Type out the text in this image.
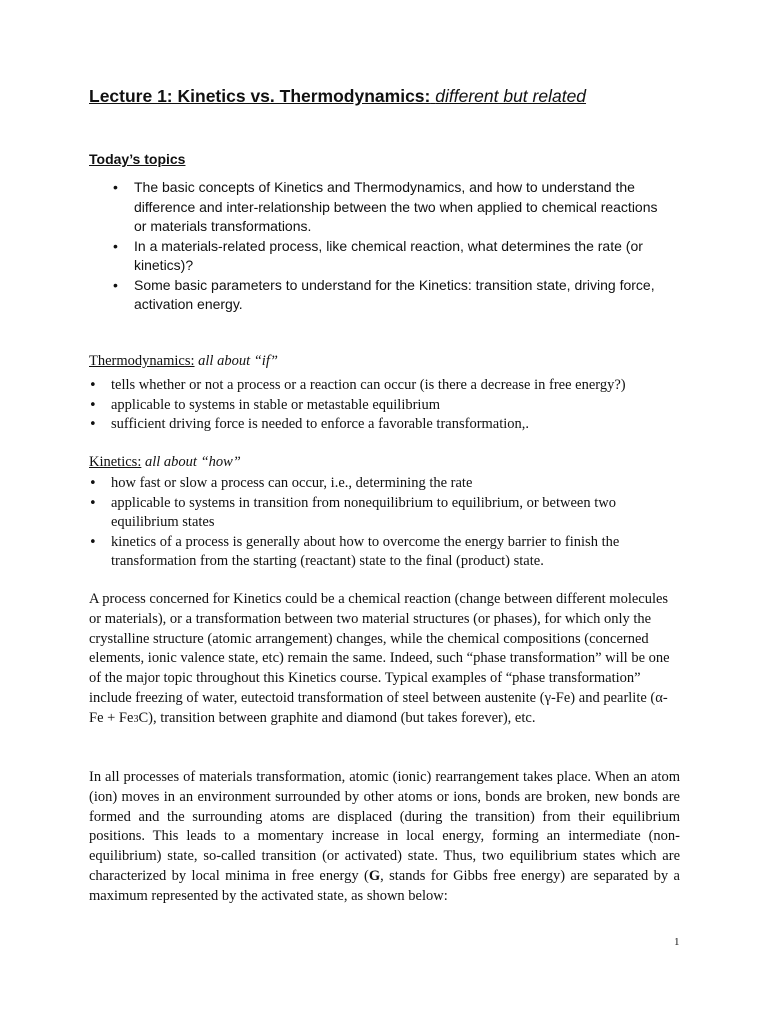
Lecture 1: Kinetics vs. Thermodynamics: different but related
Today’s topics
• The basic concepts of Kinetics and Thermodynamics, and how to understand the difference and inter-relationship between the two when applied to chemical reactions or materials transformations.
• In a materials-related process, like chemical reaction, what determines the rate (or kinetics)?
• Some basic parameters to understand for the Kinetics: transition state, driving force, activation energy.
Thermodynamics: all about “if”
• tells whether or not a process or a reaction can occur (is there a decrease in free energy?)
• applicable to systems in stable or metastable equilibrium
• sufficient driving force is needed to enforce a favorable transformation,.
Kinetics: all about “how”
• how fast or slow a process can occur, i.e., determining the rate
• applicable to systems in transition from nonequilibrium to equilibrium, or between two equilibrium states
• kinetics of a process is generally about how to overcome the energy barrier to finish the transformation from the starting (reactant) state to the final (product) state.

A process concerned for Kinetics could be a chemical reaction (change between different molecules or materials), or a transformation between two material structures (or phases), for which only the crystalline structure (atomic arrangement) changes, while the chemical compositions (concerned elements, ionic valence state, etc) remain the same. Indeed, such “phase transformation” will be one of the major topic throughout this Kinetics course. Typical examples of “phase transformation” include freezing of water, eutectoid transformation of steel between austenite (γ-Fe) and pearlite (α-Fe + Fe3C), transition between graphite and diamond (but takes forever), etc.

In all processes of materials transformation, atomic (ionic) rearrangement takes place. When an atom (ion) moves in an environment surrounded by other atoms or ions, bonds are broken, new bonds are formed and the surrounding atoms are displaced (during the transition) from their equilibrium positions. This leads to a momentary increase in local energy, forming an intermediate (non-equilibrium) state, so-called transition (or activated) state. Thus, two equilibrium states which are characterized by local minima in free energy (G, stands for Gibbs free energy) are separated by a maximum represented by the activated state, as shown below:

1
